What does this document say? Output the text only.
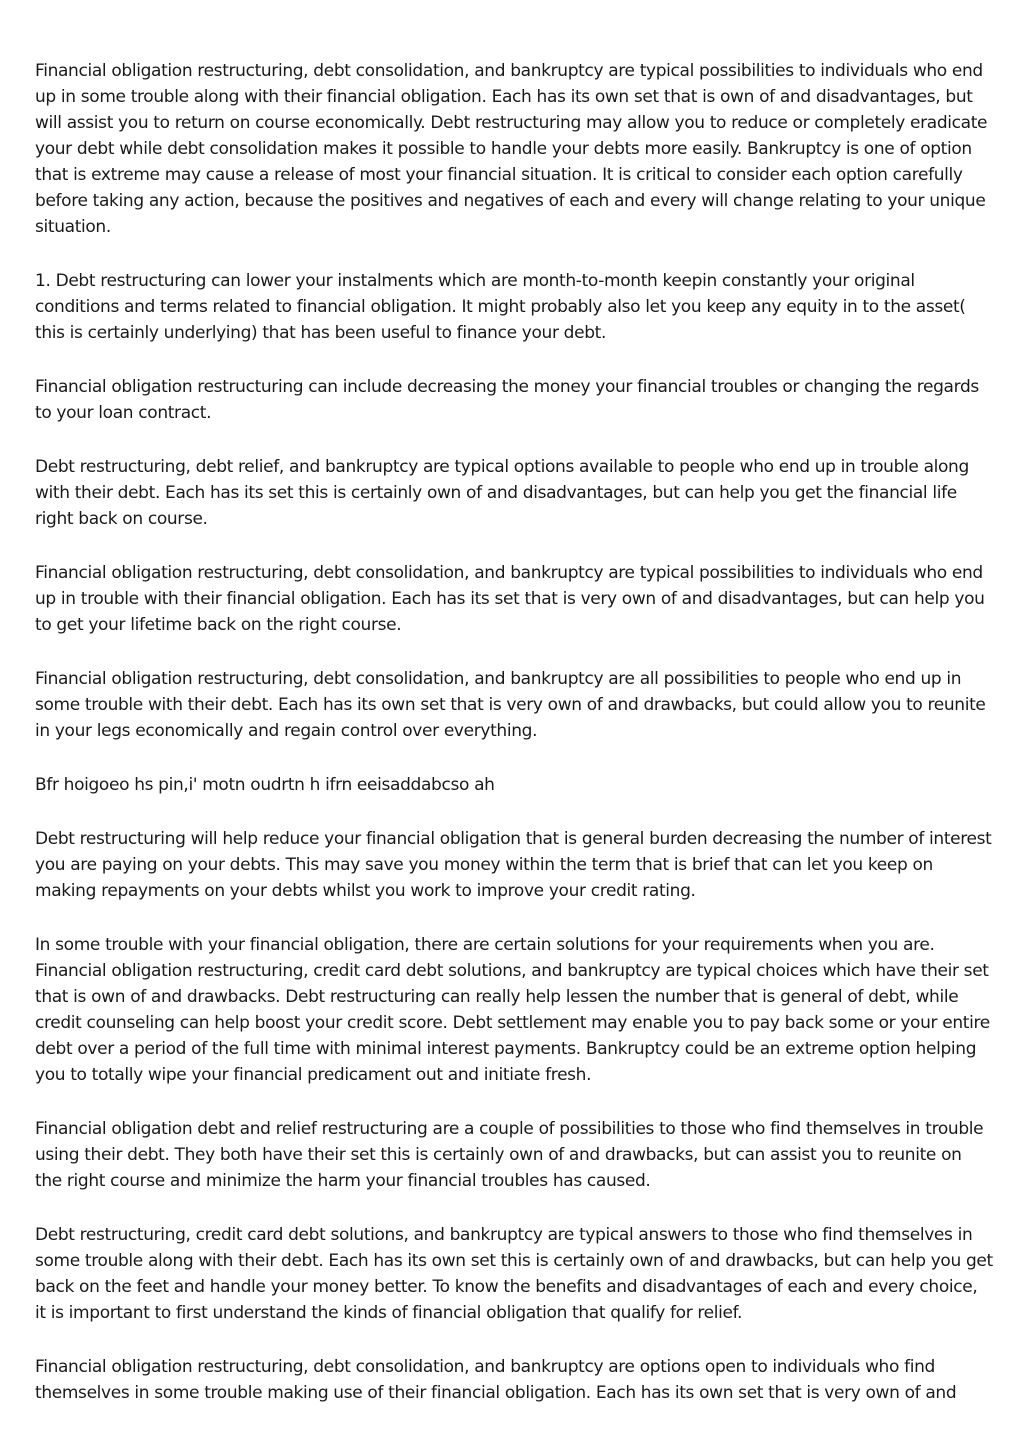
Financial obligation restructuring, debt consolidation, and bankruptcy are typical possibilities to individuals who end up in some trouble along with their financial obligation. Each has its own set that is own of and disadvantages, but will assist you to return on course economically. Debt restructuring may allow you to reduce or completely eradicate your debt while debt consolidation makes it possible to handle your debts more easily. Bankruptcy is one of option that is extreme may cause a release of most your financial situation. It is critical to consider each option carefully before taking any action, because the positives and negatives of each and every will change relating to your unique situation.

1. Debt restructuring can lower your instalments which are month-to-month keepin constantly your original conditions and terms related to financial obligation. It might probably also let you keep any equity in to the asset( this is certainly underlying) that has been useful to finance your debt.

Financial obligation restructuring can include decreasing the money your financial troubles or changing the regards to your loan contract.

Debt restructuring, debt relief, and bankruptcy are typical options available to people who end up in trouble along with their debt. Each has its set this is certainly own of and disadvantages, but can help you get the financial life right back on course.

Financial obligation restructuring, debt consolidation, and bankruptcy are typical possibilities to individuals who end up in trouble with their financial obligation. Each has its set that is very own of and disadvantages, but can help you to get your lifetime back on the right course.

Financial obligation restructuring, debt consolidation, and bankruptcy are all possibilities to people who end up in some trouble with their debt. Each has its own set that is very own of and drawbacks, but could allow you to reunite in your legs economically and regain control over everything.

Bfr hoigoeo hs pin,i' motn oudrtn h ifrn eeisaddabcso ah

Debt restructuring will help reduce your financial obligation that is general burden decreasing the number of interest you are paying on your debts. This may save you money within the term that is brief that can let you keep on making repayments on your debts whilst you work to improve your credit rating.

In some trouble with your financial obligation, there are certain solutions for your requirements when you are. Financial obligation restructuring, credit card debt solutions, and bankruptcy are typical choices which have their set that is own of and drawbacks. Debt restructuring can really help lessen the number that is general of debt, while credit counseling can help boost your credit score. Debt settlement may enable you to pay back some or your entire debt over a period of the full time with minimal interest payments. Bankruptcy could be an extreme option helping you to totally wipe your financial predicament out and initiate fresh.

Financial obligation debt and relief restructuring are a couple of possibilities to those who find themselves in trouble using their debt. They both have their set this is certainly own of and drawbacks, but can assist you to reunite on the right course and minimize the harm your financial troubles has caused.

Debt restructuring, credit card debt solutions, and bankruptcy are typical answers to those who find themselves in some trouble along with their debt. Each has its own set this is certainly own of and drawbacks, but can help you get back on the feet and handle your money better. To know the benefits and disadvantages of each and every choice, it is important to first understand the kinds of financial obligation that qualify for relief.

Financial obligation restructuring, debt consolidation, and bankruptcy are options open to individuals who find themselves in some trouble making use of their financial obligation. Each has its own set that is very own of and
